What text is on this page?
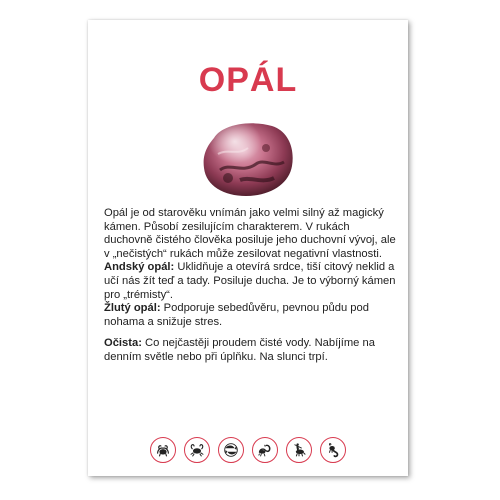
OPÁL

Opál je od starověku vnímán jako velmi silný až magický kámen. Působí zesilujícím charakterem. V rukách duchovně čistého člověka posiluje jeho duchovní vývoj, ale v „nečistých“ rukách může zesilovat negativní vlastnosti.

Andský opál: Uklidňuje a otevírá srdce, tiší citový neklid a učí nás žít teď a tady. Posiluje ducha. Je to výborný kámen pro „trémisty“.

Žlutý opál: Podporuje sebedůvěru, pevnou půdu pod nohama a snižuje stres.

Očista: Co nejčastěji proudem čisté vody. Nabíjíme na denním světle nebo při úplňku. Na slunci trpí.
